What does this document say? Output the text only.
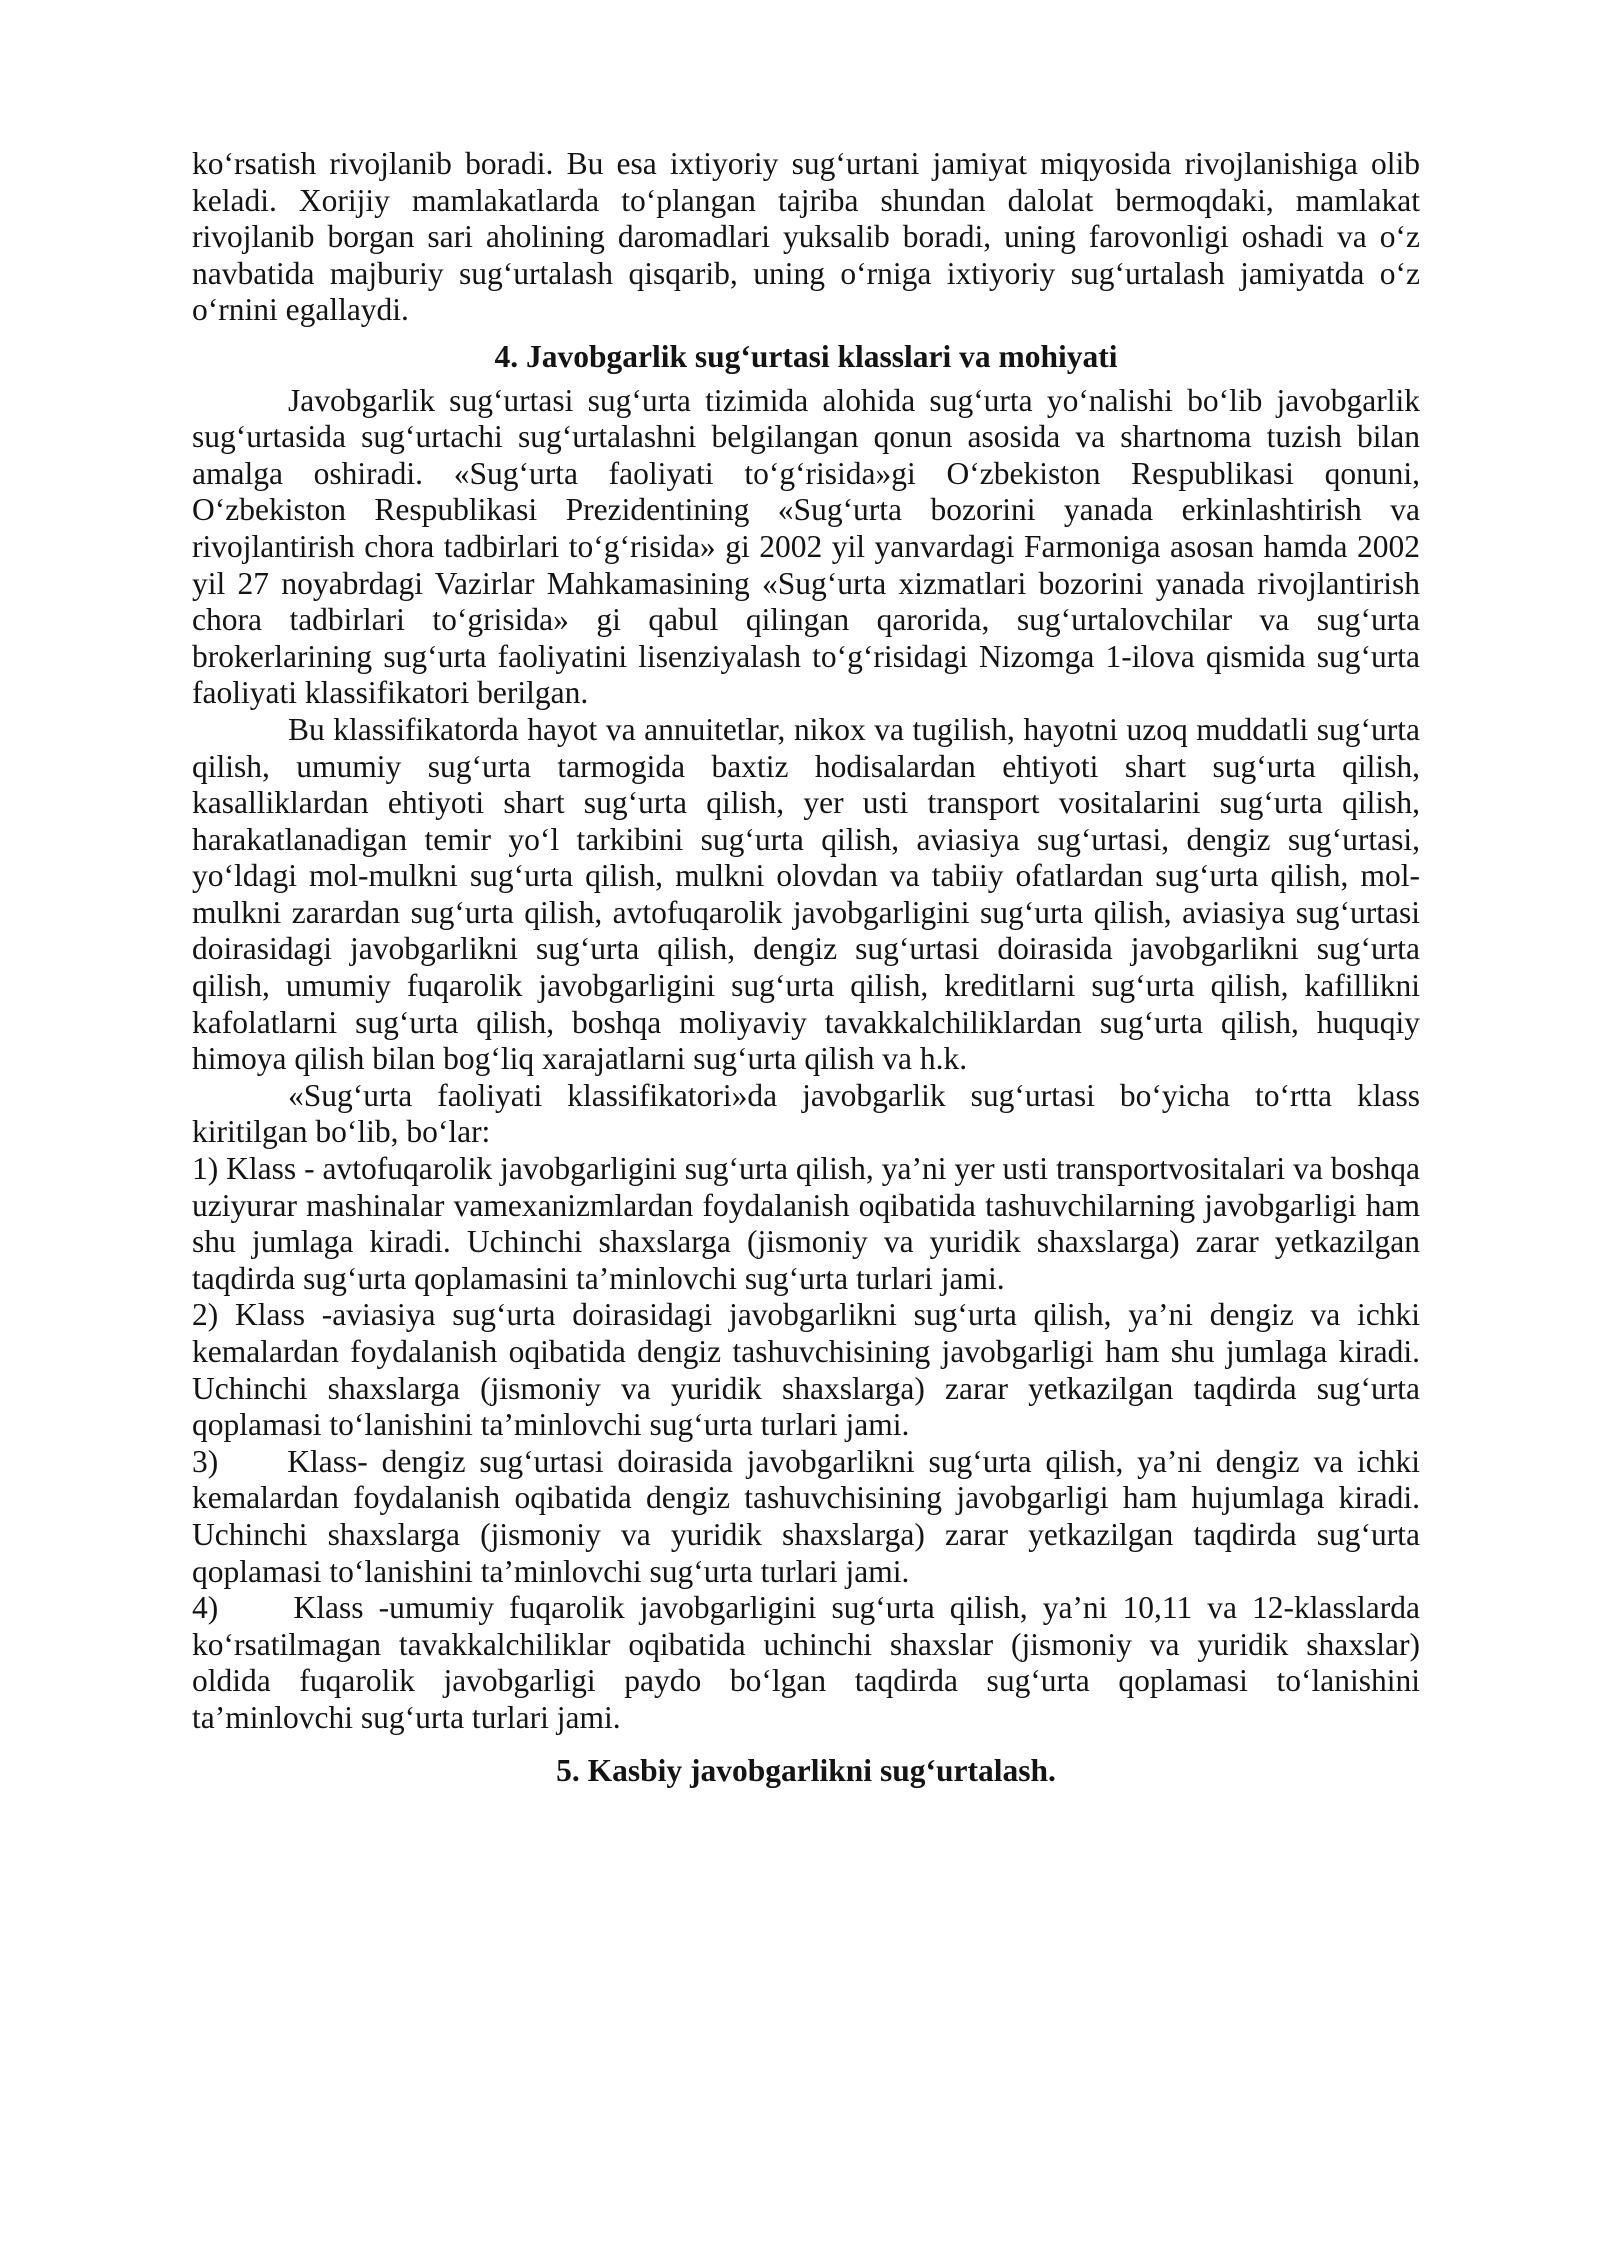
ko‘rsatish rivojlanib boradi. Bu esa ixtiyoriy sug‘urtani jamiyat miqyosida rivojlanishiga olib keladi. Xorijiy mamlakatlarda to‘plangan tajriba shundan dalolat bermoqdaki, mamlakat rivojlanib borgan sari aholining daromadlari yuksalib boradi, uning farovonligi oshadi va o‘z navbatida majburiy sug‘urtalash qisqarib, uning o‘rniga ixtiyoriy sug‘urtalash jamiyatda o‘z o‘rnini egallaydi.

4. Javobgarlik sug‘urtasi klasslari va mohiyati

Javobgarlik sug‘urtasi sug‘urta tizimida alohida sug‘urta yo‘nalishi bo‘lib javobgarlik sug‘urtasida sug‘urtachi sug‘urtalashni belgilangan qonun asosida va shartnoma tuzish bilan amalga oshiradi. «Sug‘urta faoliyati to‘g‘risida»gi O‘zbekiston Respublikasi qonuni, O‘zbekiston Respublikasi Prezidentining «Sug‘urta bozorini yanada erkinlashtirish va rivojlantirish chora tadbirlari to‘g‘risida» gi 2002 yil yanvardagi Farmoniga asosan hamda 2002 yil 27 noyabrdagi Vazirlar Mahkamasining «Sug‘urta xizmatlari bozorini yanada rivojlantirish chora tadbirlari to‘grisida» gi qabul qilingan qarorida, sug‘urtalovchilar va sug‘urta brokerlarining sug‘urta faoliyatini lisenziyalash to‘g‘risidagi Nizomga 1-ilova qismida sug‘urta faoliyati klassifikatori berilgan.

Bu klassifikatorda hayot va annuitetlar, nikox va tugilish, hayotni uzoq muddatli sug‘urta qilish, umumiy sug‘urta tarmogida baxtiz hodisalardan ehtiyoti shart sug‘urta qilish, kasalliklardan ehtiyoti shart sug‘urta qilish, yer usti transport vositalarini sug‘urta qilish, harakatlanadigan temir yo‘l tarkibini sug‘urta qilish, aviasiya sug‘urtasi, dengiz sug‘urtasi, yo‘ldagi mol-mulkni sug‘urta qilish, mulkni olovdan va tabiiy ofatlardan sug‘urta qilish, mol-mulkni zarardan sug‘urta qilish, avtofuqarolik javobgarligini sug‘urta qilish, aviasiya sug‘urtasi doirasidagi javobgarlikni sug‘urta qilish, dengiz sug‘urtasi doirasida javobgarlikni sug‘urta qilish, umumiy fuqarolik javobgarligini sug‘urta qilish, kreditlarni sug‘urta qilish, kafillikni kafolatlarni sug‘urta qilish, boshqa moliyaviy tavakkalchiliklardan sug‘urta qilish, huquqiy himoya qilish bilan bog‘liq xarajatlarni sug‘urta qilish va h.k.

«Sug‘urta faoliyati klassifikatori»da javobgarlik sug‘urtasi bo‘yicha to‘rtta klass kiritilgan bo‘lib, bo‘lar:

1) Klass - avtofuqarolik javobgarligini sug‘urta qilish, ya’ni yer usti transportvositalari va boshqa uziyurar mashinalar vamexanizmlardan foydalanish oqibatida tashuvchilarning javobgarligi ham shu jumlaga kiradi. Uchinchi shaxslarga (jismoniy va yuridik shaxslarga) zarar yetkazilgan taqdirda sug‘urta qoplamasini ta’minlovchi sug‘urta turlari jami.

2) Klass -aviasiya sug‘urta doirasidagi javobgarlikni sug‘urta qilish, ya’ni dengiz va ichki kemalardan foydalanish oqibatida dengiz tashuvchisining javobgarligi ham shu jumlaga kiradi. Uchinchi shaxslarga (jismoniy va yuridik shaxslarga) zarar yetkazilgan taqdirda sug‘urta qoplamasi to‘lanishini ta’minlovchi sug‘urta turlari jami.

3)     Klass- dengiz sug‘urtasi doirasida javobgarlikni sug‘urta qilish, ya’ni dengiz va ichki kemalardan foydalanish oqibatida dengiz tashuvchisining javobgarligi ham hujumlaga kiradi. Uchinchi shaxslarga (jismoniy va yuridik shaxslarga) zarar yetkazilgan taqdirda sug‘urta qoplamasi to‘lanishini ta’minlovchi sug‘urta turlari jami.

4)     Klass -umumiy fuqarolik javobgarligini sug‘urta qilish, ya’ni 10,11 va 12-klasslarda ko‘rsatilmagan tavakkalchiliklar oqibatida uchinchi shaxslar (jismoniy va yuridik shaxslar) oldida fuqarolik javobgarligi paydo bo‘lgan taqdirda sug‘urta qoplamasi to‘lanishini ta’minlovchi sug‘urta turlari jami.

5. Kasbiy javobgarlikni sug‘urtalash.
